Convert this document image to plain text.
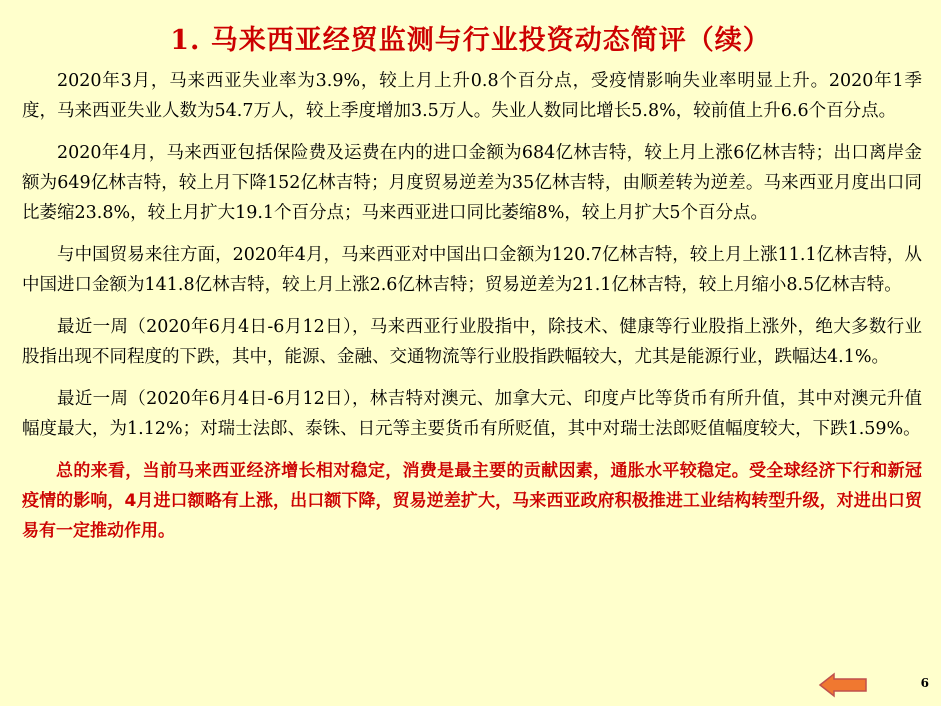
1. 马来西亚经贸监测与行业投资动态简评（续）

2020年3月，马来西亚失业率为3.9%，较上月上升0.8个百分点，受疫情影响失业率明显上升。2020年1季度，马来西亚失业人数为54.7万人，较上季度增加3.5万人。失业人数同比增长5.8%，较前值上升6.6个百分点。

2020年4月，马来西亚包括保险费及运费在内的进口金额为684亿林吉特，较上月上涨6亿林吉特；出口离岸金额为649亿林吉特，较上月下降152亿林吉特；月度贸易逆差为35亿林吉特，由顺差转为逆差。马来西亚月度出口同比萎缩23.8%，较上月扩大19.1个百分点；马来西亚进口同比萎缩8%，较上月扩大5个百分点。

与中国贸易来往方面，2020年4月，马来西亚对中国出口金额为120.7亿林吉特，较上月上涨11.1亿林吉特，从中国进口金额为141.8亿林吉特，较上月上涨2.6亿林吉特；贸易逆差为21.1亿林吉特，较上月缩小8.5亿林吉特。

最近一周（2020年6月4日-6月12日），马来西亚行业股指中，除技术、健康等行业股指上涨外，绝大多数行业股指出现不同程度的下跌，其中，能源、金融、交通物流等行业股指跌幅较大，尤其是能源行业，跌幅达4.1%。

最近一周（2020年6月4日-6月12日），林吉特对澳元、加拿大元、印度卢比等货币有所升值，其中对澳元升值幅度最大，为1.12%；对瑞士法郎、泰铢、日元等主要货币有所贬值，其中对瑞士法郎贬值幅度较大，下跌1.59%。

总的来看，当前马来西亚经济增长相对稳定，消费是最主要的贡献因素，通胀水平较稳定。受全球经济下行和新冠疫情的影响，4月进口额略有上涨，出口额下降，贸易逆差扩大，马来西亚政府积极推进工业结构转型升级，对进出口贸易有一定推动作用。

6
